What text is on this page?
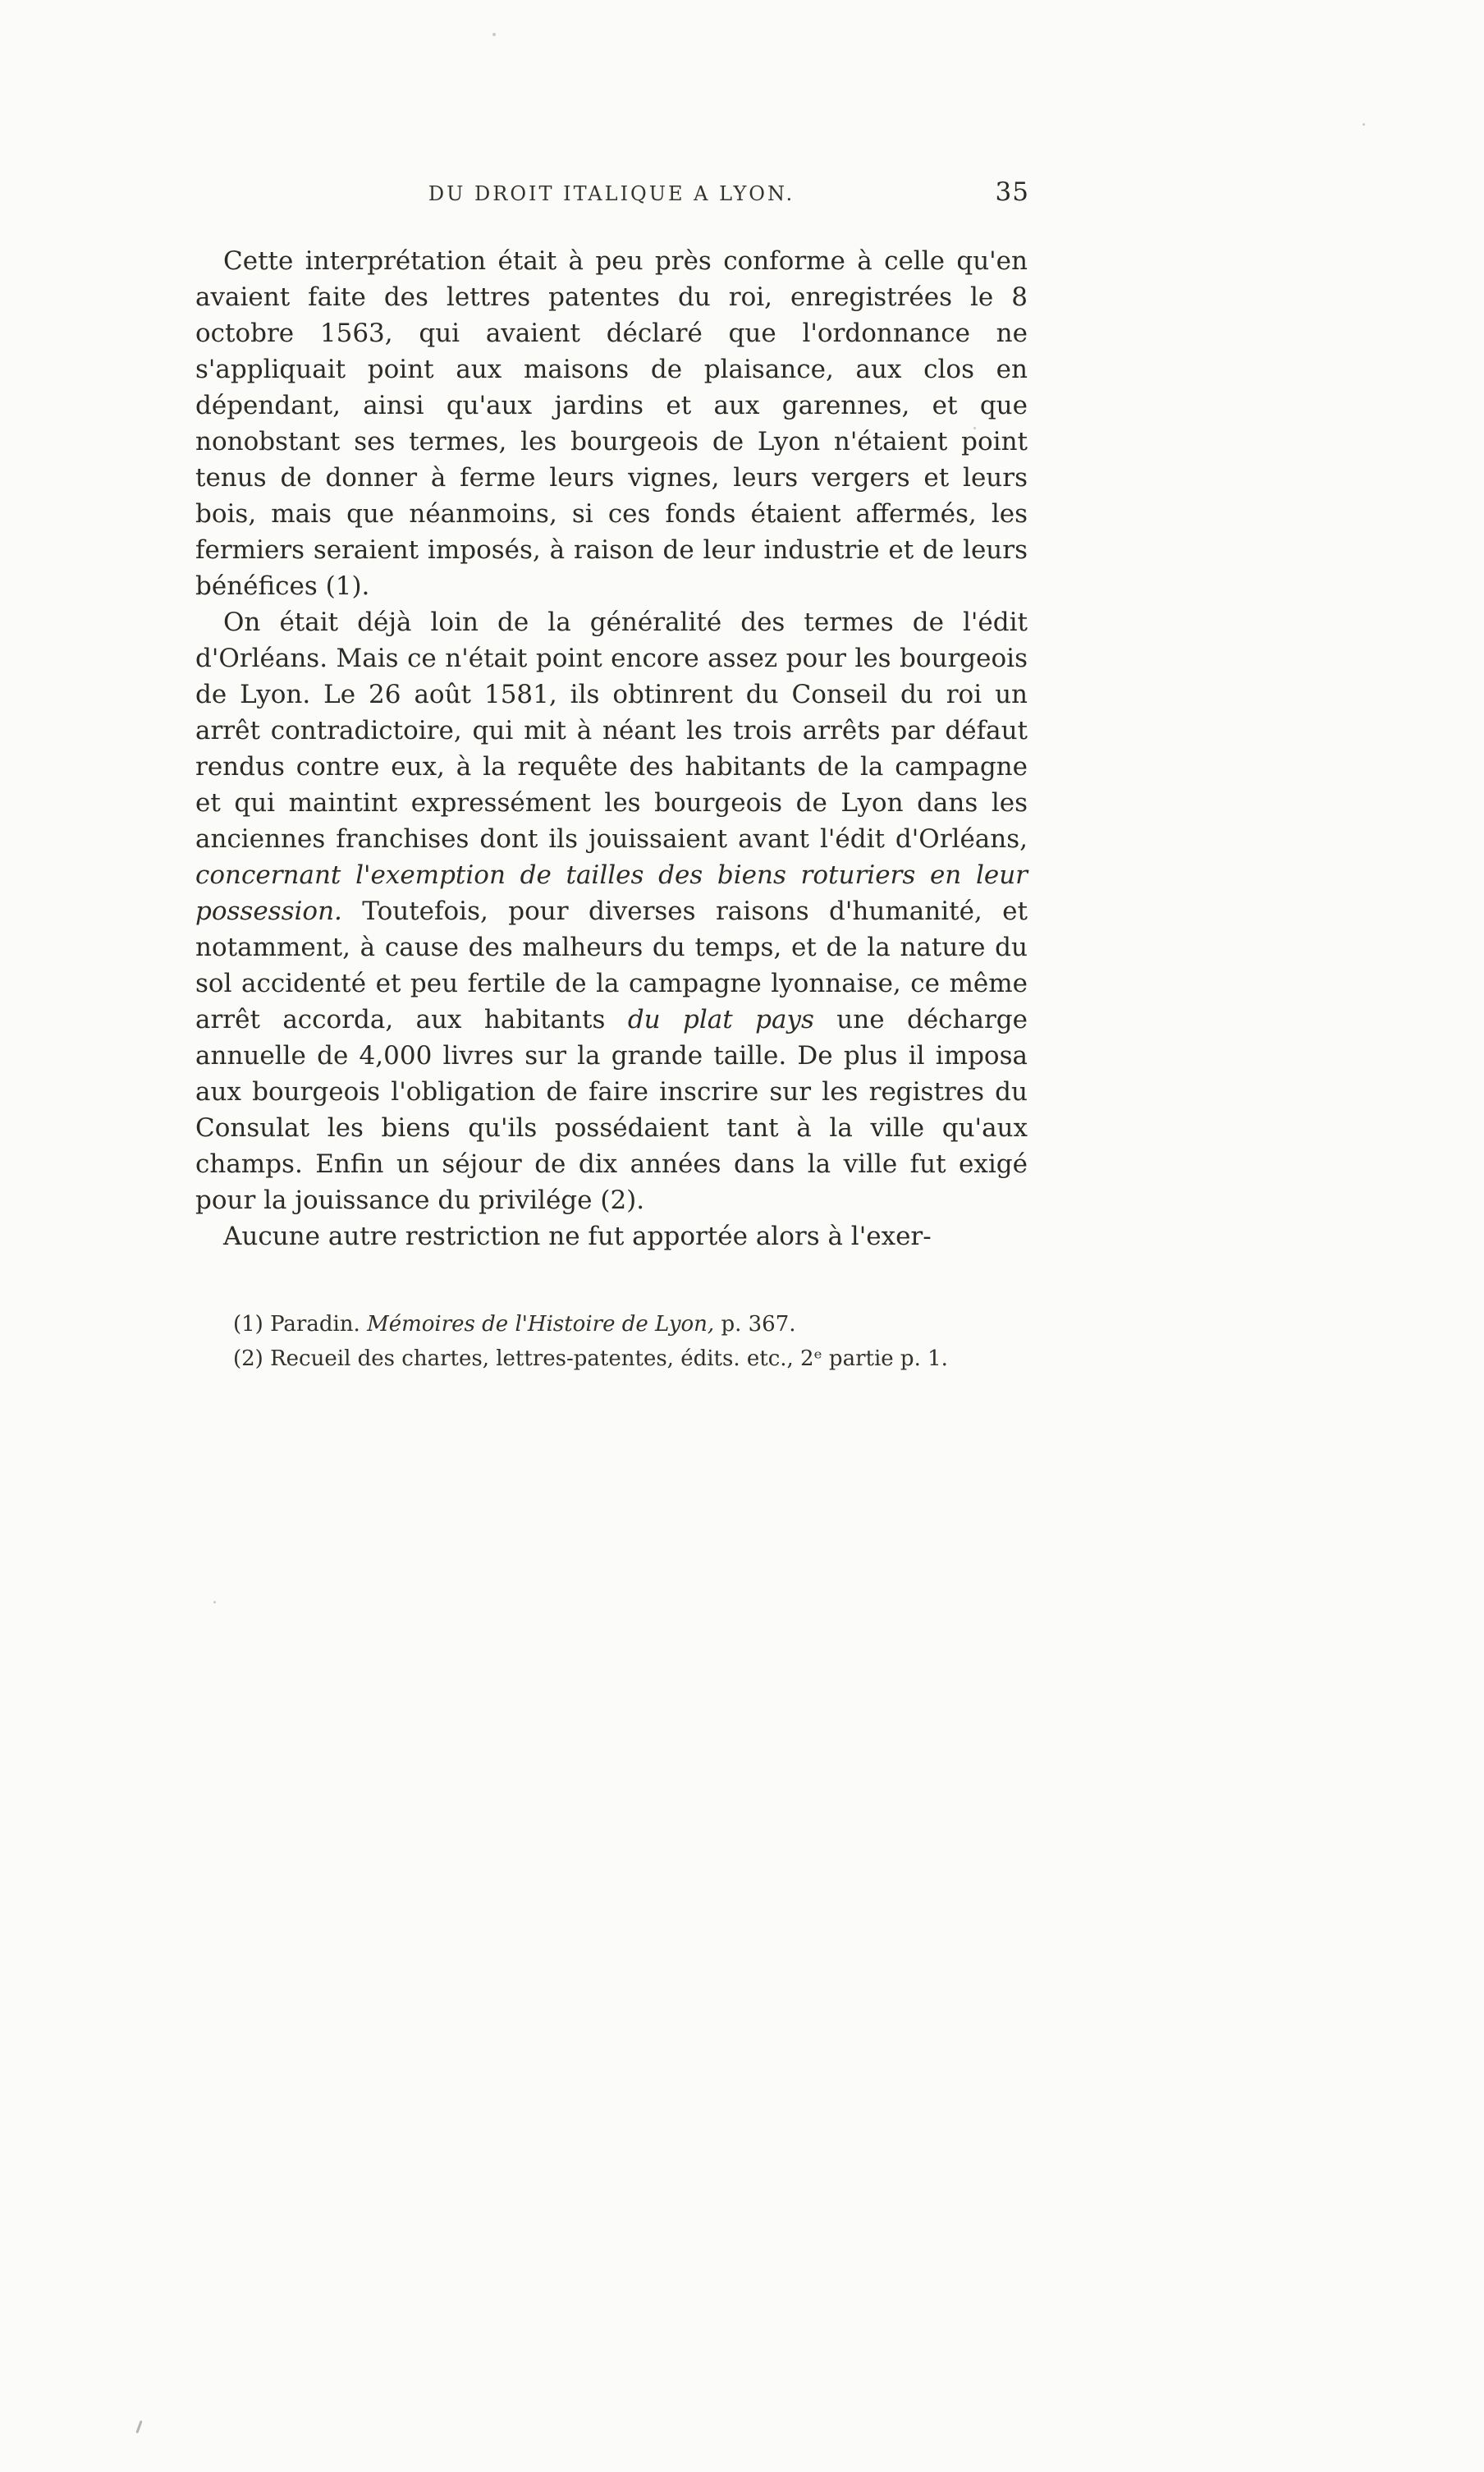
DU DROIT ITALIQUE A LYON.	35

Cette interprétation était à peu près conforme à celle qu'en avaient faite des lettres patentes du roi, enregistrées le 8 octobre 1563, qui avaient déclaré que l'ordonnance ne s'appliquait point aux maisons de plaisance, aux clos en dépendant, ainsi qu'aux jardins et aux garennes, et que nonobstant ses termes, les bourgeois de Lyon n'étaient point tenus de donner à ferme leurs vignes, leurs vergers et leurs bois, mais que néanmoins, si ces fonds étaient affermés, les fermiers seraient imposés, à raison de leur industrie et de leurs bénéfices (1).

On était déjà loin de la généralité des termes de l'édit d'Orléans. Mais ce n'était point encore assez pour les bourgeois de Lyon. Le 26 août 1581, ils obtinrent du Conseil du roi un arrêt contradictoire, qui mit à néant les trois arrêts par défaut rendus contre eux, à la requête des habitants de la campagne et qui maintint expressément les bourgeois de Lyon dans les anciennes franchises dont ils jouissaient avant l'édit d'Orléans, concernant l'exemption de tailles des biens roturiers en leur possession. Toutefois, pour diverses raisons d'humanité, et notamment, à cause des malheurs du temps, et de la nature du sol accidenté et peu fertile de la campagne lyonnaise, ce même arrêt accorda, aux habitants du plat pays une décharge annuelle de 4,000 livres sur la grande taille. De plus il imposa aux bourgeois l'obligation de faire inscrire sur les registres du Consulat les biens qu'ils possédaient tant à la ville qu'aux champs. Enfin un séjour de dix années dans la ville fut exigé pour la jouissance du privilége (2).

Aucune autre restriction ne fut apportée alors à l'exer-

(1) Paradin. Mémoires de l'Histoire de Lyon, p. 367.

(2) Recueil des chartes, lettres-patentes, édits. etc., 2ᵉ partie p. 1.
